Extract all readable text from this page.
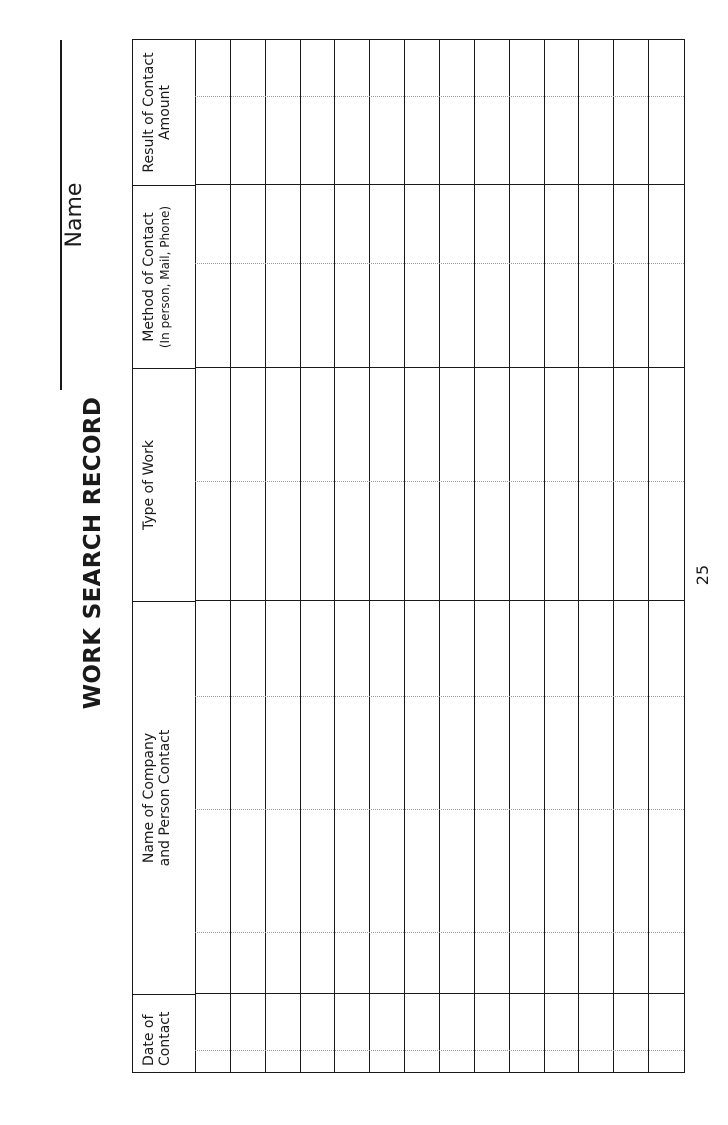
WORK SEARCH RECORD
Name
Date of Contact
Name of Company and Person Contact
Type of Work
Method of Contact (In person, Mail, Phone)
Result of Contact Amount
25
